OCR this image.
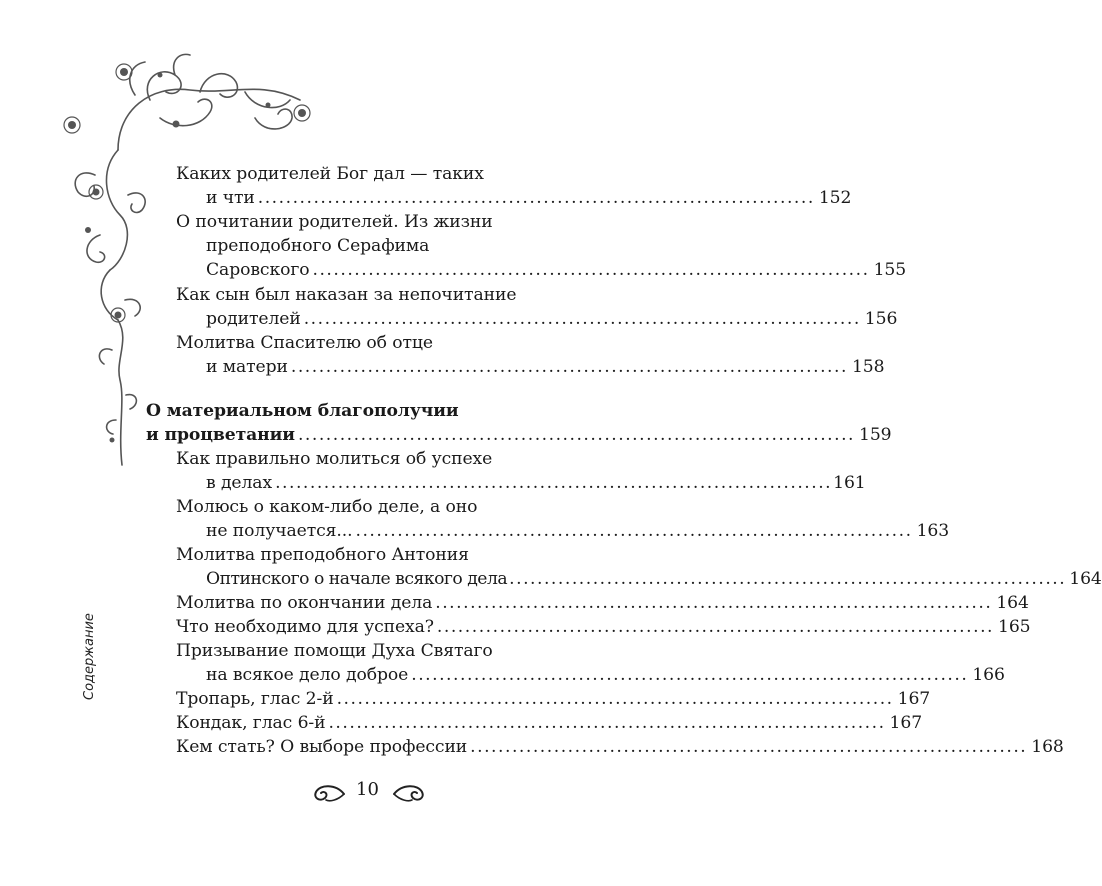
Каких родителей Бог дал — таких
и чти ................................................................................ 152
О почитании родителей. Из жизни
преподобного Серафима
Саровского ................................................................................ 155
Как сын был наказан за непочитание
родителей ................................................................................ 156
Молитва Спасителю об отце
и матери ................................................................................ 158
О материальном благополучии
и процветании ................................................................................ 159
Как правильно молиться об успехе
в делах ................................................................................ 161
Молюсь о каком-либо деле, а оно
не получается... ................................................................................ 163
Молитва преподобного Антония
Оптинского о начале всякого дела ................................................................................ 164
Молитва по окончании дела ................................................................................ 164
Что необходимо для успеха? ................................................................................ 165
Призывание помощи Духа Святаго
на всякое дело доброе ................................................................................ 166
Тропарь, глас 2-й ................................................................................ 167
Кондак, глас 6-й ................................................................................ 167
Кем стать? О выборе профессии ................................................................................ 168
Содержание
10
